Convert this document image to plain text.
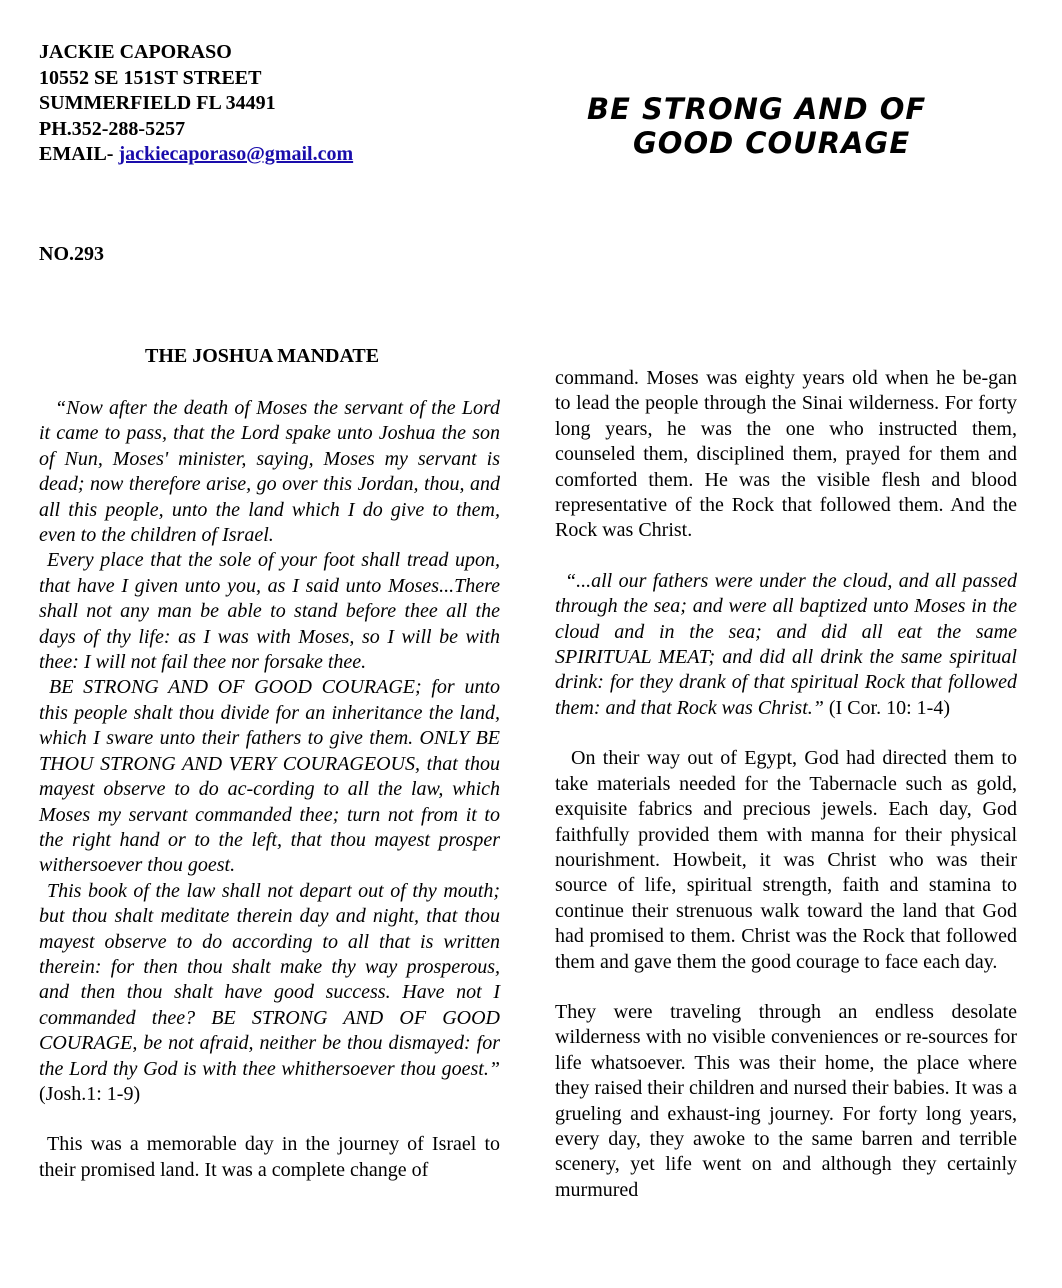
JACKIE CAPORASO
10552 SE 151ST STREET
SUMMERFIELD FL 34491
PH.352-288-5257
EMAIL- jackiecaporaso@gmail.com
BE STRONG AND OF
GOOD COURAGE
NO.293
THE JOSHUA MANDATE

“Now after the death of Moses the servant of the Lord it came to pass, that the Lord spake unto Joshua the son of Nun, Moses' minister, saying, Moses my servant is dead; now therefore arise, go over this Jordan, thou, and all this people, unto the land which I do give to them, even to the children of Israel.

Every place that the sole of your foot shall tread upon, that have I given unto you, as I said unto Moses...There shall not any man be able to stand before thee all the days of thy life: as I was with Moses, so I will be with thee: I will not fail thee nor forsake thee.

BE STRONG AND OF GOOD COURAGE; for unto this people shalt thou divide for an inheritance the land, which I sware unto their fathers to give them. ONLY BE THOU STRONG AND VERY COURAGEOUS, that thou mayest observe to do ac-cording to all the law, which Moses my servant commanded thee; turn not from it to the right hand or to the left, that thou mayest prosper withersoever thou goest.

This book of the law shall not depart out of thy mouth; but thou shalt meditate therein day and night, that thou mayest observe to do according to all that is written therein: for then thou shalt make thy way prosperous, and then thou shalt have good success. Have not I commanded thee? BE STRONG AND OF GOOD COURAGE, be not afraid, neither be thou dismayed: for the Lord thy God is with thee whithersoever thou goest.” (Josh.1: 1-9)

This was a memorable day in the journey of Israel to their promised land. It was a complete change of

command. Moses was eighty years old when he be-gan to lead the people through the Sinai wilderness. For forty long years, he was the one who instructed them, counseled them, disciplined them, prayed for them and comforted them. He was the visible flesh and blood representative of the Rock that followed them. And the Rock was Christ.

“...all our fathers were under the cloud, and all passed through the sea; and were all baptized unto Moses in the cloud and in the sea; and did all eat the same SPIRITUAL MEAT; and did all drink the same spiritual drink: for they drank of that spiritual Rock that followed them: and that Rock was Christ.” (I Cor. 10: 1-4)

On their way out of Egypt, God had directed them to take materials needed for the Tabernacle such as gold, exquisite fabrics and precious jewels. Each day, God faithfully provided them with manna for their physical nourishment. Howbeit, it was Christ who was their source of life, spiritual strength, faith and stamina to continue their strenuous walk toward the land that God had promised to them. Christ was the Rock that followed them and gave them the good courage to face each day.

They were traveling through an endless desolate wilderness with no visible conveniences or re-sources for life whatsoever. This was their home, the place where they raised their children and nursed their babies. It was a grueling and exhaust-ing journey. For forty long years, every day, they awoke to the same barren and terrible scenery, yet life went on and although they certainly murmured
